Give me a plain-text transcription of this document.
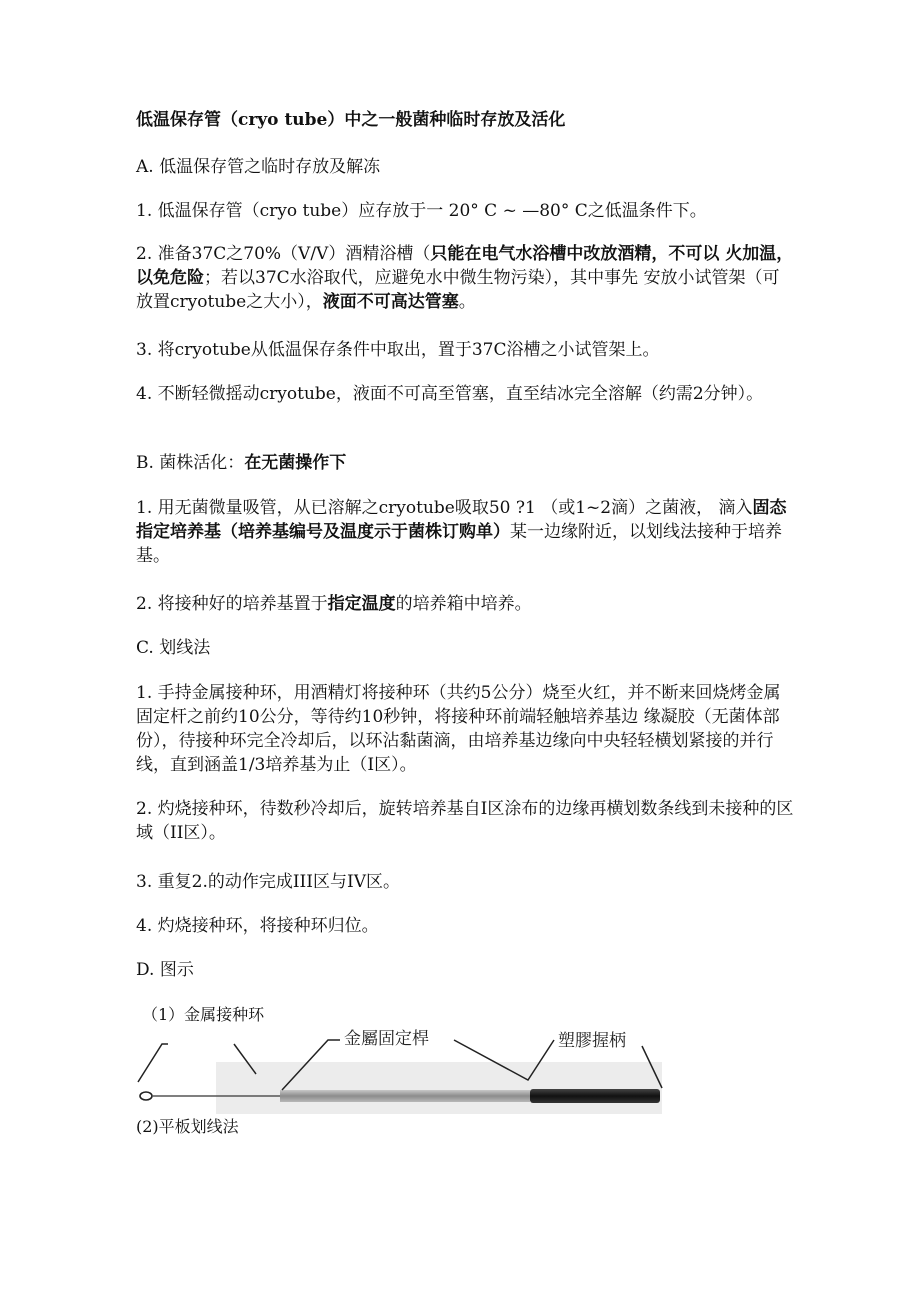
低温保存管（cryo tube）中之一般菌种临时存放及活化

A. 低温保存管之临时存放及解冻

1. 低温保存管（cryo tube）应存放于一 20° C ~ —80° C之低温条件下。

2. 准备37C之70%（V/V）酒精浴槽（只能在电气水浴槽中改放酒精，不可以 火加温，以免危险；若以37C水浴取代，应避免水中微生物污染），其中事先 安放小试管架（可放置cryotube之大小），液面不可高达管塞。

3. 将cryotube从低温保存条件中取出，置于37C浴槽之小试管架上。

4. 不断轻微摇动cryotube，液面不可高至管塞，直至结冰完全溶解（约需2分钟）。

B. 菌株活化：在无菌操作下

1. 用无菌微量吸管，从已溶解之cryotube吸取50 ?1 （或1~2滴）之菌液， 滴入固态指定培养基（培养基编号及温度示于菌株订购单）某一边缘附近，以划线法接种于培养基。

2. 将接种好的培养基置于指定温度的培养箱中培养。

C. 划线法

1. 手持金属接种环，用酒精灯将接种环（共约5公分）烧至火红，并不断来回烧烤金属固定杆之前约10公分，等待约10秒钟，将接种环前端轻触培养基边 缘凝胶（无菌体部份），待接种环完全冷却后，以环沾黏菌滴，由培养基边缘向中央轻轻横划紧接的并行线，直到涵盖1/3培养基为止（I区）。

2. 灼烧接种环，待数秒冷却后，旋转培养基自I区涂布的边缘再横划数条线到未接种的区域（II区）。

3. 重复2.的动作完成III区与IV区。

4. 灼烧接种环，将接种环归位。

D. 图示

（1）金属接种环
金屬固定桿	塑膠握柄
(2)平板划线法
